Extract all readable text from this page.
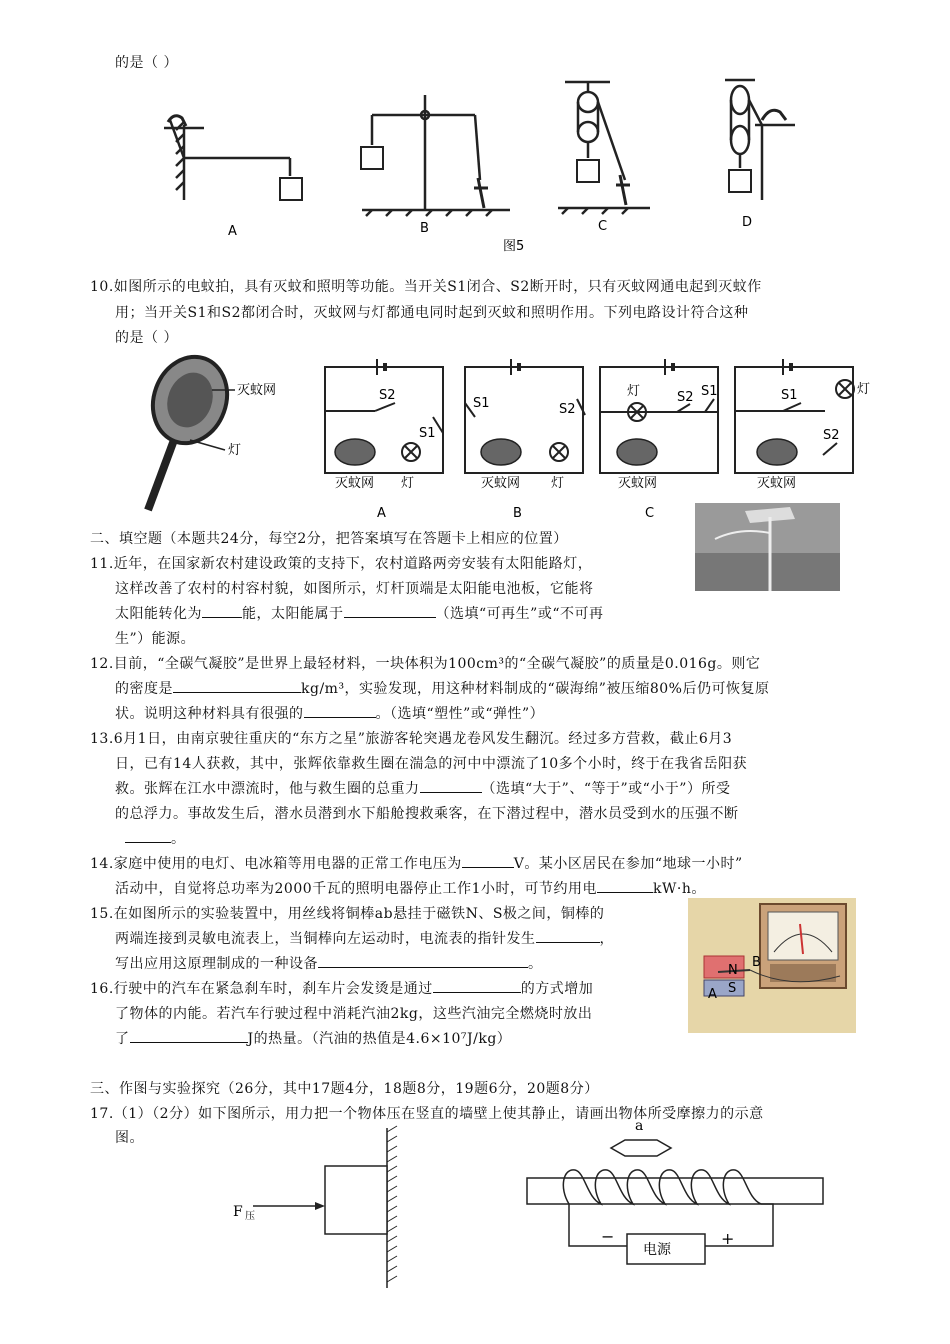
的是（ ）
A	B	C	D
图5
10.如图所示的电蚊拍，具有灭蚊和照明等功能。当开关S1闭合、S2断开时，只有灭蚊网通电起到灭蚊作
用；当开关S1和S2都闭合时，灭蚊网与灯都通电同时起到灭蚊和照明作用。下列电路设计符合这种
的是（ ）
灭蚊网
灯
S2
S1
S1	S2
S2 S1	S1
S2
灭蚊网 灯	灭蚊网 灯	灭蚊网
灯
灭蚊网
灯
A	B	C
二、填空题（本题共24分，每空2分，把答案填写在答题卡上相应的位置）
11.近年，在国家新农村建设政策的支持下，农村道路两旁安装有太阳能路灯，
这样改善了农村的村容村貌，如图所示，灯杆顶端是太阳能电池板，它能将
太阳能转化为	能，太阳能属于	（选填“可再生”或“不可再
生”）能源。
12.目前，“全碳气凝胶”是世界上最轻材料，一块体积为100cm³的“全碳气凝胶”的质量是0.016g。则它
的密度是	kg/m³，实验发现，用这种材料制成的“碳海绵”被压缩80%后仍可恢复原
状。说明这种材料具有很强的	。（选填“塑性”或“弹性”）
13.6月1日，由南京驶往重庆的“东方之星”旅游客轮突遇龙卷风发生翻沉。经过多方营救，截止6月3
日，已有14人获救，其中，张辉依靠救生圈在湍急的河中中漂流了10多个小时，终于在我省岳阳获
救。张辉在江水中漂流时，他与救生圈的总重力	（选填“大于”、“等于”或“小于”）所受
的总浮力。事故发生后，潜水员潜到水下船舱搜救乘客，在下潜过程中，潜水员受到水的压强不断
。
14.家庭中使用的电灯、电冰箱等用电器的正常工作电压为	V。某小区居民在参加“地球一小时”
活动中，自觉将总功率为2000千瓦的照明电器停止工作1小时，可节约用电	kW·h。
15.在如图所示的实验装置中，用丝线将铜棒ab悬挂于磁铁N、S极之间，铜棒的
两端连接到灵敏电流表上，当铜棒向左运动时，电流表的指针发生	，
写出应用这原理制成的一种设备	。	N
S
A
B
16.行驶中的汽车在紧急刹车时，刹车片会发烫是通过	的方式增加
了物体的内能。若汽车行驶过程中消耗汽油2kg，这些汽油完全燃烧时放出
了	J的热量。（汽油的热值是4.6×10⁷J/kg）
三、作图与实验探究（26分，其中17题4分，18题8分，19题6分，20题8分）
17.（1）（2分）如下图所示，用力把一个物体压在竖直的墙壁上使其静止，请画出物体所受摩擦力的示意
图。
F 压
a
电源
−	+
